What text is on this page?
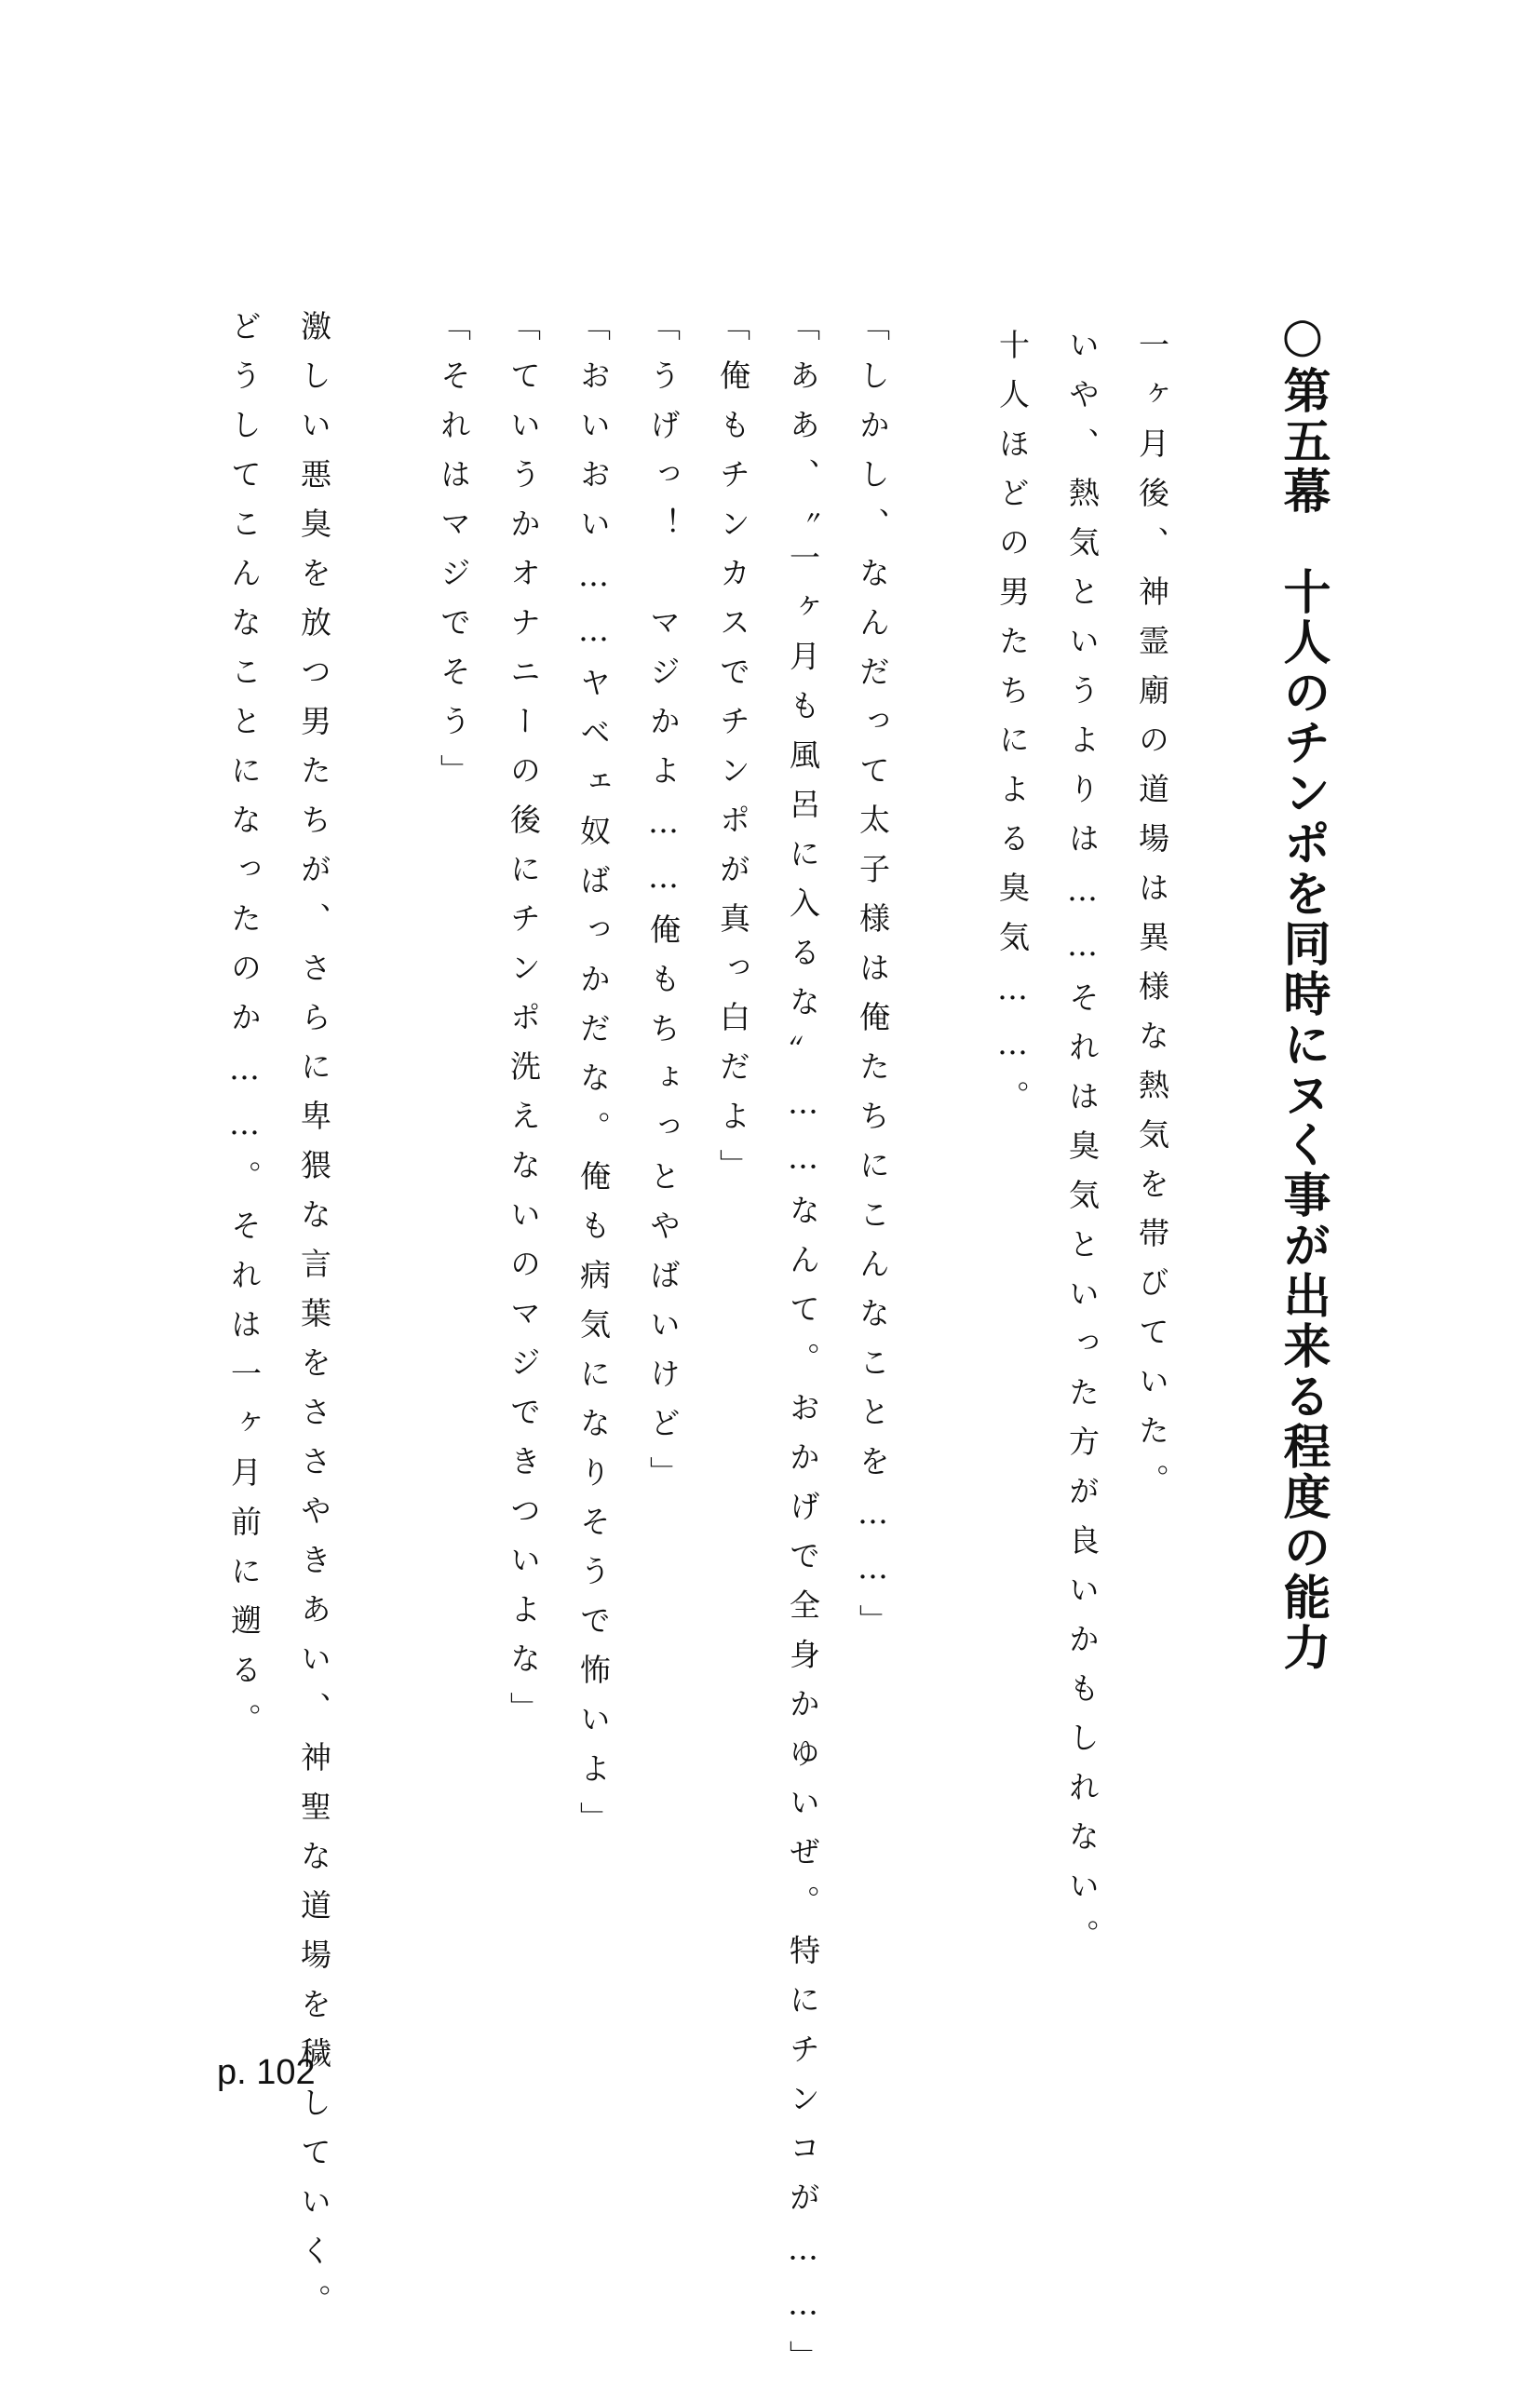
○第五幕　十人のチンポを同時にヌく事が出来る程度の能力
一ヶ月後、神霊廟の道場は異様な熱気を帯びていた。
いや、熱気というよりは……それは臭気といった方が良いかもしれない。
十人ほどの男たちによる臭気……。
「しかし、なんだって太子様は俺たちにこんなことを……」
「ああ、〝一ヶ月も風呂に入るな〟……なんて。おかげで全身かゆいぜ。特にチンコが……」
「俺もチンカスでチンポが真っ白だよ」
「うげっ！　マジかよ……俺もちょっとやばいけど」
「おいおい……ヤベェ奴ばっかだな。俺も病気になりそうで怖いよ」
「ていうかオナニーの後にチンポ洗えないのマジできついよな」
「それはマジでそう」
激しい悪臭を放つ男たちが、さらに卑猥な言葉をささやきあい、神聖な道場を穢していく。
どうしてこんなことになったのか……。それは一ヶ月前に遡る。
p. 102
